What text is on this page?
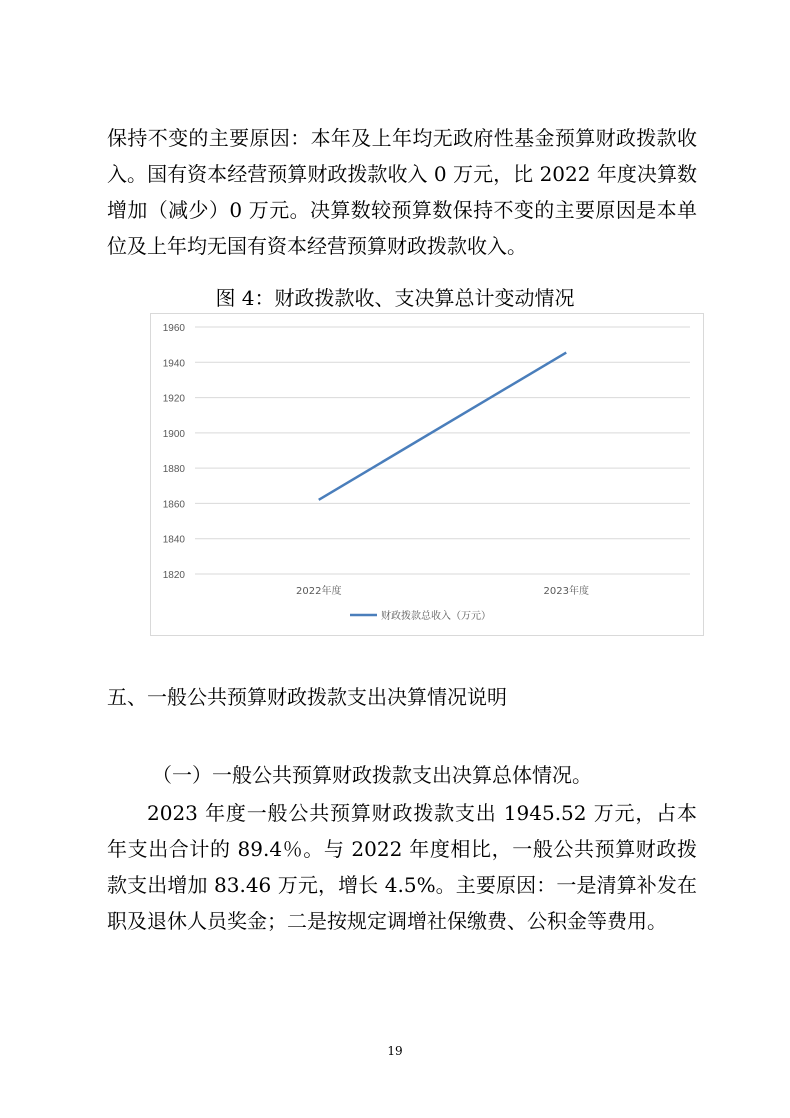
保持不变的主要原因：本年及上年均无政府性基金预算财政拨款收入。国有资本经营预算财政拨款收入 0 万元，比 2022 年度决算数增加（减少）0 万元。决算数较预算数保持不变的主要原因是本单位及上年均无国有资本经营预算财政拨款收入。

图 4：财政拨款收、支决算总计变动情况
1960
1940
1920
1900
1880
1860
1840
1820
2022年度	2023年度
财政拨款总收入（万元）
五、一般公共预算财政拨款支出决算情况说明
（一）一般公共预算财政拨款支出决算总体情况。

2023 年度一般公共预算财政拨款支出 1945.52 万元，占本年支出合计的 89.4％。与 2022 年度相比，一般公共预算财政拨款支出增加 83.46 万元，增长 4.5%。主要原因：一是清算补发在职及退休人员奖金；二是按规定调增社保缴费、公积金等费用。

19
